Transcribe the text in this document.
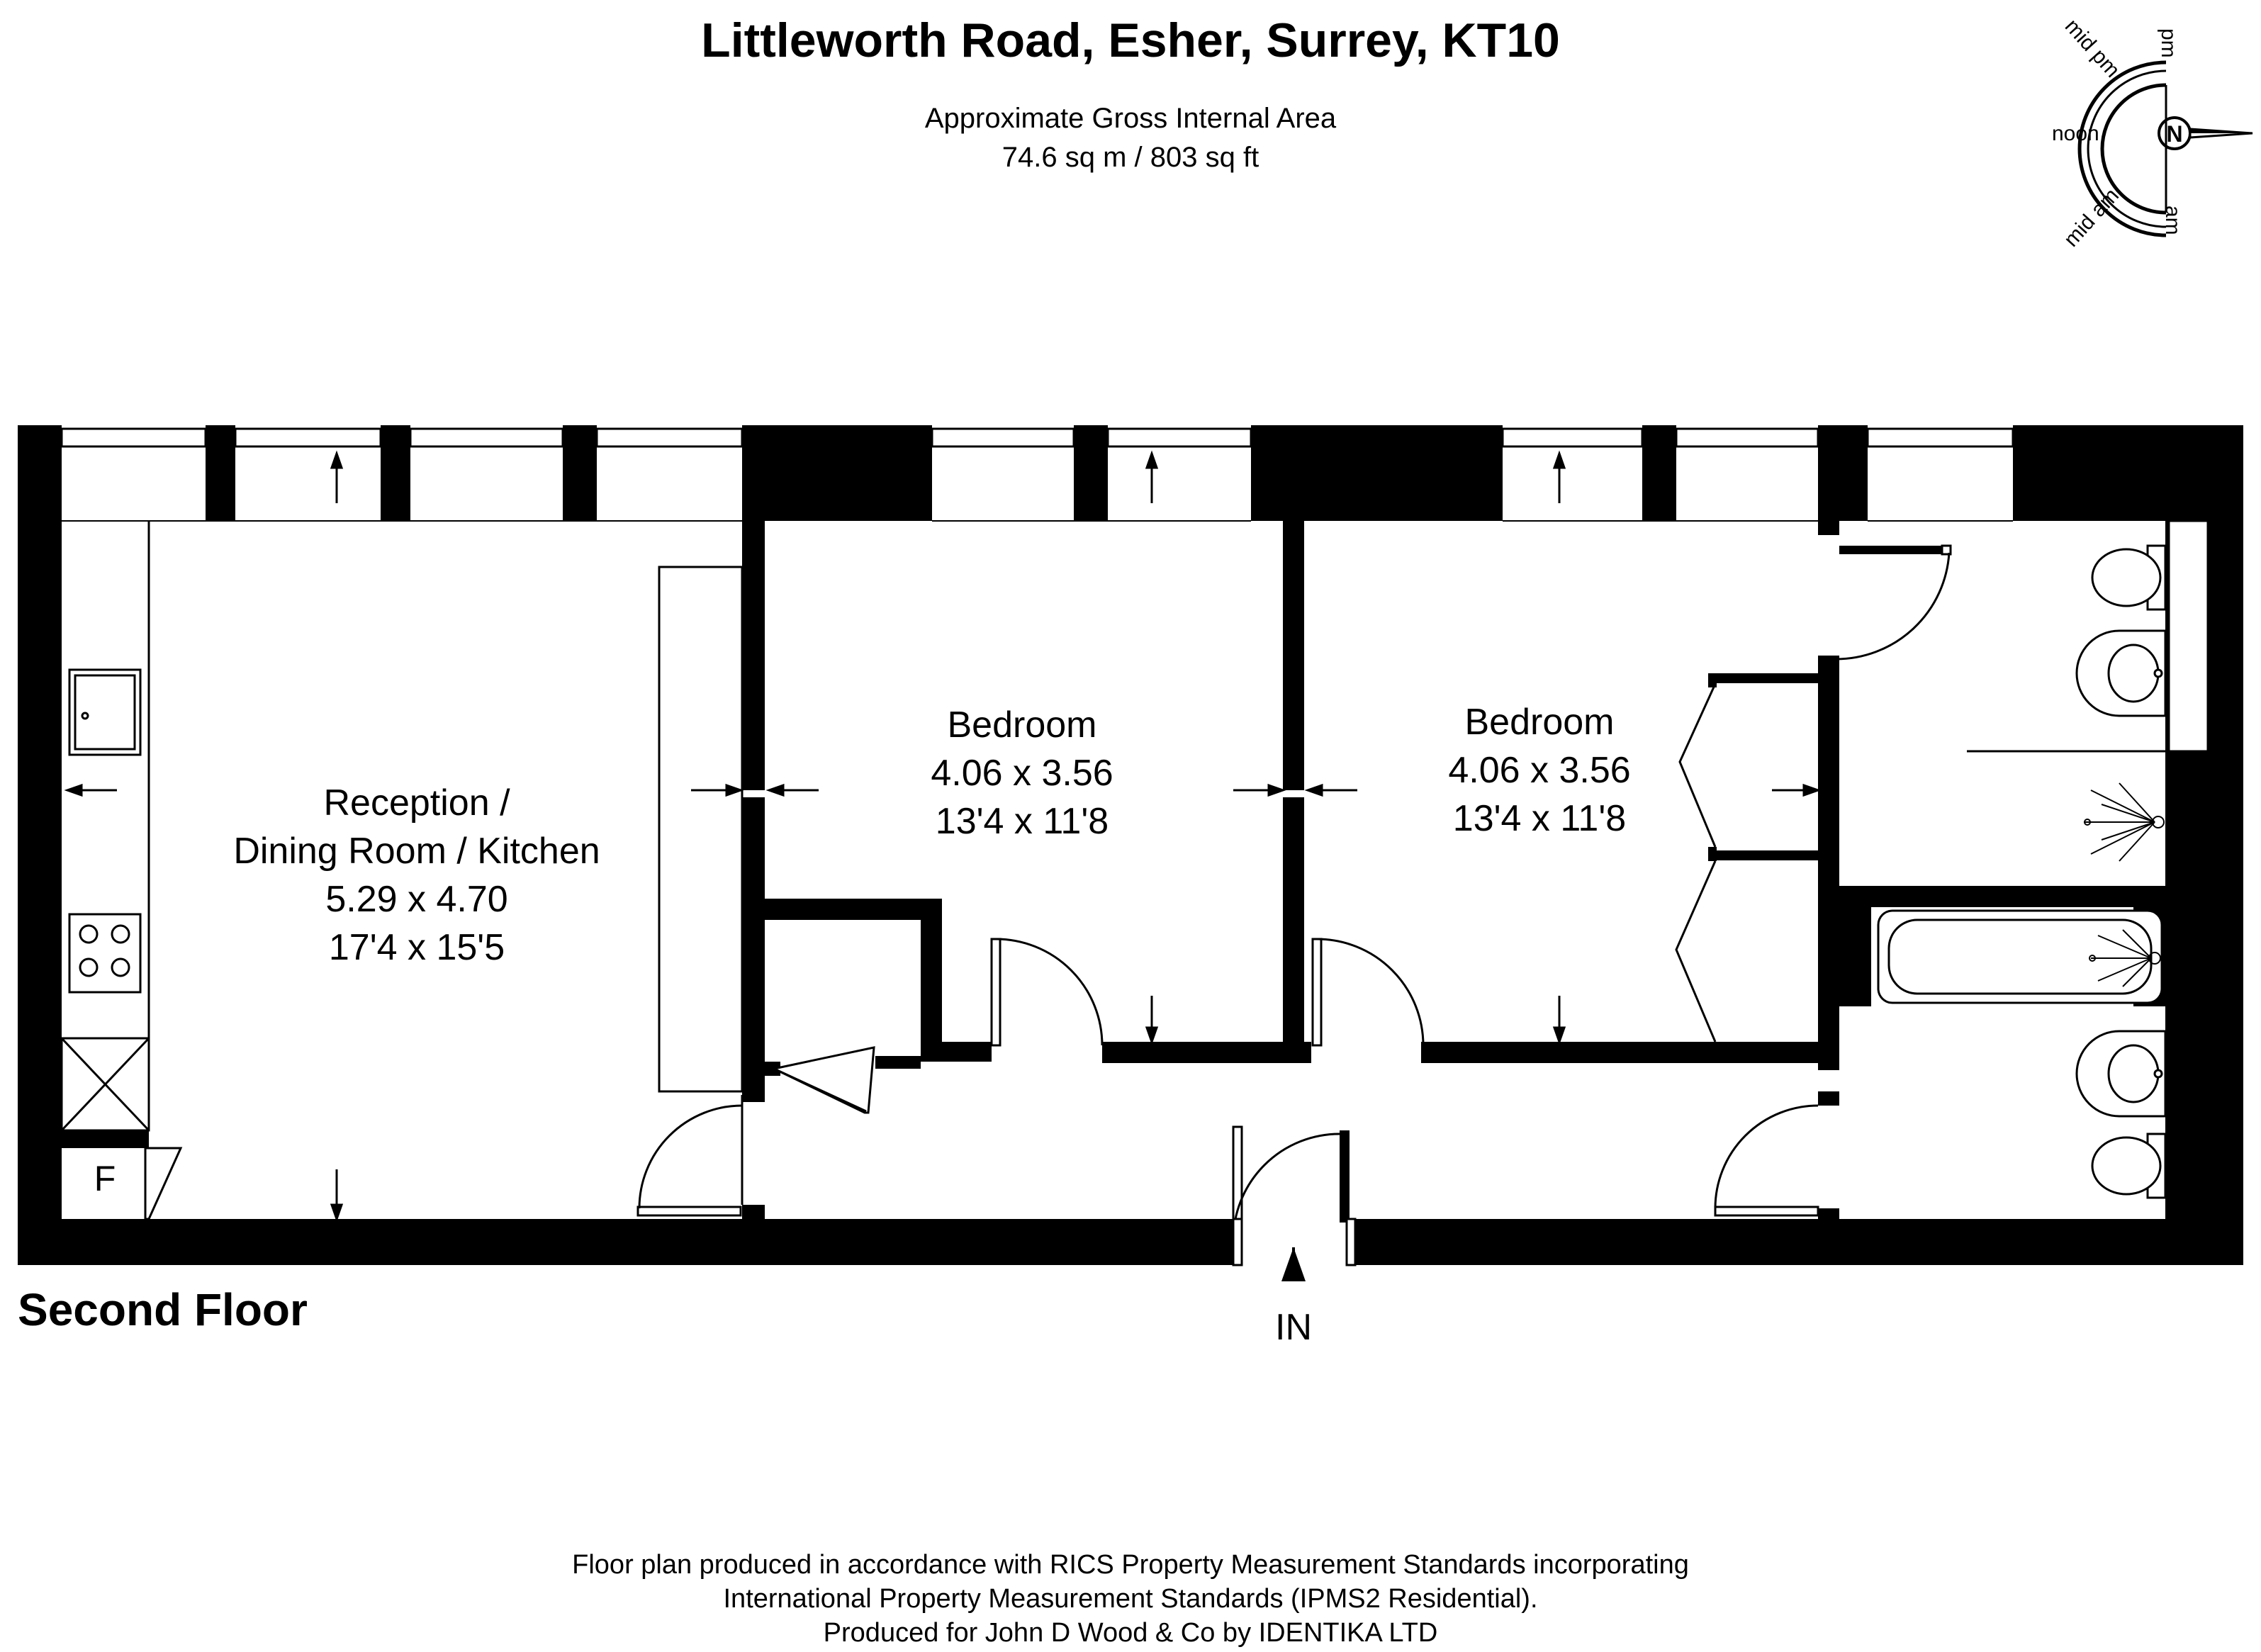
Littleworth Road, Esher, Surrey, KT10
Approximate Gross Internal Area
74.6 sq m / 803 sq ft
N
mid pm pm
noon
mid am am
F
Reception /
Dining Room / Kitchen
5.29 x 4.70
17'4 x 15'5
Bedroom
4.06 x 3.56
13'4 x 11'8
Bedroom
4.06 x 3.56
13'4 x 11'8
Second Floor	IN
Floor plan produced in accordance with RICS Property Measurement Standards incorporating
International Property Measurement Standards (IPMS2 Residential).
Produced for John D Wood & Co by IDENTIKA LTD
